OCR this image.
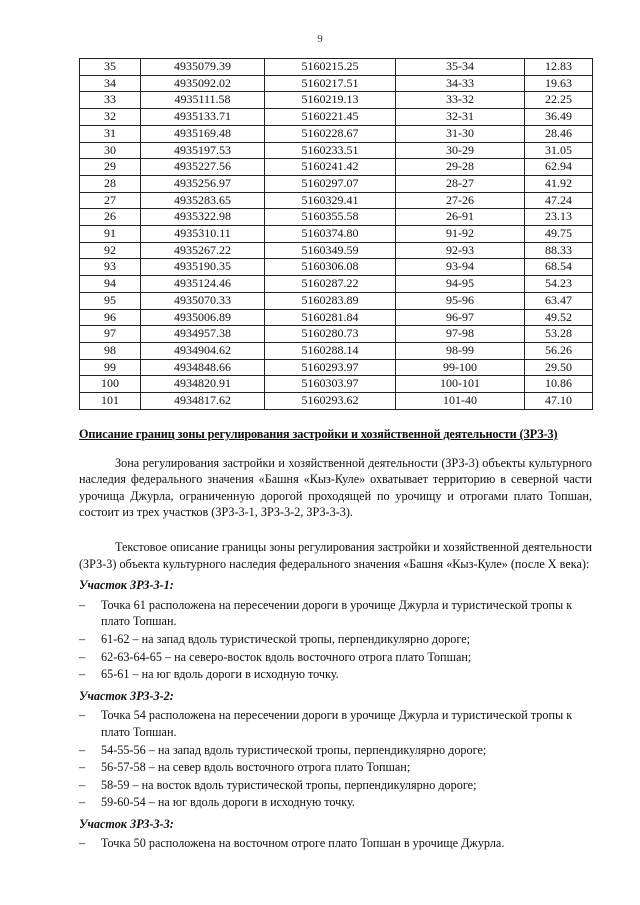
9
35	4935079.39	5160215.25	35-34	12.83
34	4935092.02	5160217.51	34-33	19.63
33	4935111.58	5160219.13	33-32	22.25
32	4935133.71	5160221.45	32-31	36.49
31	4935169.48	5160228.67	31-30	28.46
30	4935197.53	5160233.51	30-29	31.05
29	4935227.56	5160241.42	29-28	62.94
28	4935256.97	5160297.07	28-27	41.92
27	4935283.65	5160329.41	27-26	47.24
26	4935322.98	5160355.58	26-91	23.13
91	4935310.11	5160374.80	91-92	49.75
92	4935267.22	5160349.59	92-93	88.33
93	4935190.35	5160306.08	93-94	68.54
94	4935124.46	5160287.22	94-95	54.23
95	4935070.33	5160283.89	95-96	63.47
96	4935006.89	5160281.84	96-97	49.52
97	4934957.38	5160280.73	97-98	53.28
98	4934904.62	5160288.14	98-99	56.26
99	4934848.66	5160293.97	99-100	29.50
100	4934820.91	5160303.97	100-101	10.86
101	4934817.62	5160293.62	101-40	47.10

Описание границ зоны регулирования застройки и хозяйственной деятельности (ЗРЗ-3)

Зона регулирования застройки и хозяйственной деятельности (ЗРЗ-3) объекты культурного наследия федерального значения «Башня «Кыз-Куле» охватывает территорию в северной части урочища Джурла, ограниченную дорогой проходящей по урочищу и отрогами плато Топшан, состоит из трех участков (ЗРЗ-3-1, ЗРЗ-3-2, ЗРЗ-3-3).

Текстовое описание границы зоны регулирования застройки и хозяйственной деятельности (ЗРЗ-3) объекта культурного наследия федерального значения «Башня «Кыз-Куле» (после X века):

Участок ЗРЗ-3-1:

– Точка 61 расположена на пересечении дороги в урочище Джурла и туристической тропы к плато Топшан.
– 61-62 – на запад вдоль туристической тропы, перпендикулярно дороге;
– 62-63-64-65 – на северо-восток вдоль восточного отрога плато Топшан;
– 65-61 – на юг вдоль дороги в исходную точку.

Участок ЗРЗ-3-2:

– Точка 54 расположена на пересечении дороги в урочище Джурла и туристической тропы к плато Топшан.
– 54-55-56 – на запад вдоль туристической тропы, перпендикулярно дороге;
– 56-57-58 – на север вдоль восточного отрога плато Топшан;
– 58-59 – на восток вдоль туристической тропы, перпендикулярно дороге;
– 59-60-54 – на юг вдоль дороги в исходную точку.

Участок ЗРЗ-3-3:

– Точка 50 расположена на восточном отроге плато Топшан в урочище Джурла.
